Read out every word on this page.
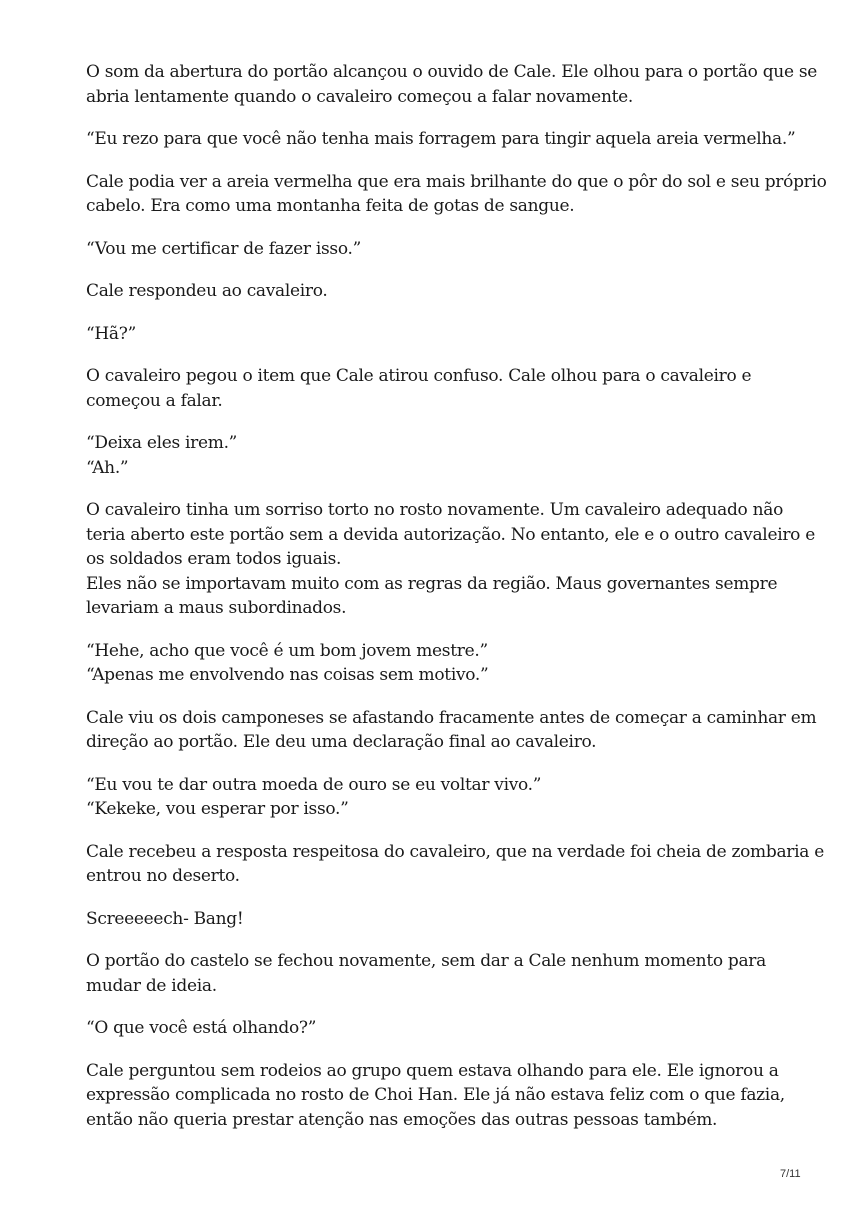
O som da abertura do portão alcançou o ouvido de Cale. Ele olhou para o portão que se
abria lentamente quando o cavaleiro começou a falar novamente.

“Eu rezo para que você não tenha mais forragem para tingir aquela areia vermelha.”

Cale podia ver a areia vermelha que era mais brilhante do que o pôr do sol e seu próprio
cabelo. Era como uma montanha feita de gotas de sangue.

“Vou me certificar de fazer isso.”

Cale respondeu ao cavaleiro.

“Hã?”

O cavaleiro pegou o item que Cale atirou confuso. Cale olhou para o cavaleiro e
começou a falar.

“Deixa eles irem.”
“Ah.”

O cavaleiro tinha um sorriso torto no rosto novamente. Um cavaleiro adequado não
teria aberto este portão sem a devida autorização. No entanto, ele e o outro cavaleiro e
os soldados eram todos iguais.
Eles não se importavam muito com as regras da região. Maus governantes sempre
levariam a maus subordinados.

“Hehe, acho que você é um bom jovem mestre.”
“Apenas me envolvendo nas coisas sem motivo.”

Cale viu os dois camponeses se afastando fracamente antes de começar a caminhar em
direção ao portão. Ele deu uma declaração final ao cavaleiro.

“Eu vou te dar outra moeda de ouro se eu voltar vivo.”
“Kekeke, vou esperar por isso.”

Cale recebeu a resposta respeitosa do cavaleiro, que na verdade foi cheia de zombaria e
entrou no deserto.

Screeeeech- Bang!

O portão do castelo se fechou novamente, sem dar a Cale nenhum momento para
mudar de ideia.

“O que você está olhando?”

Cale perguntou sem rodeios ao grupo quem estava olhando para ele. Ele ignorou a
expressão complicada no rosto de Choi Han. Ele já não estava feliz com o que fazia,
então não queria prestar atenção nas emoções das outras pessoas também.

7/11
